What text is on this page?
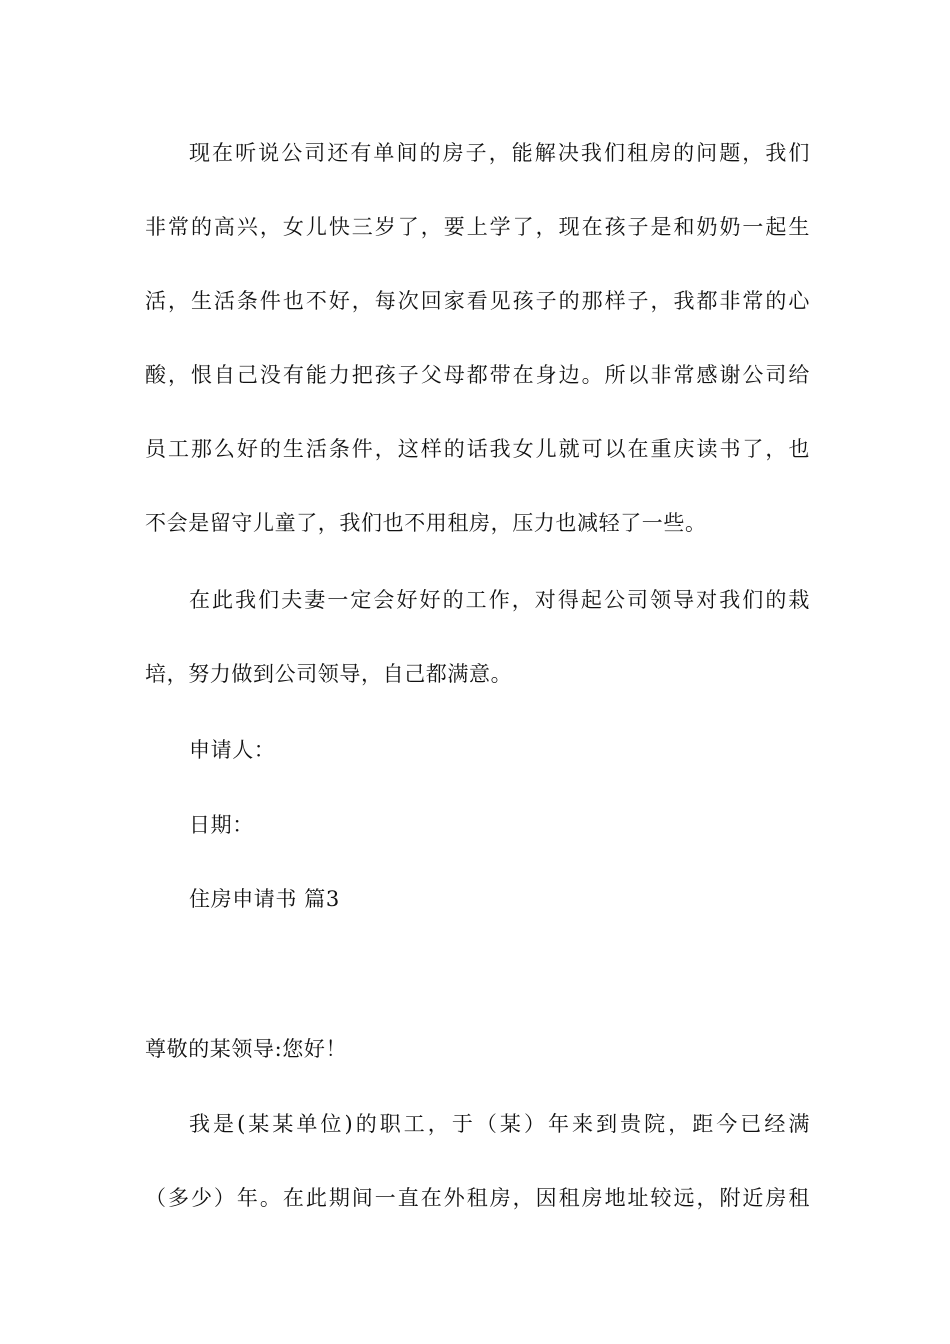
现在听说公司还有单间的房子，能解决我们租房的问题，我们
非常的高兴，女儿快三岁了，要上学了，现在孩子是和奶奶一起生
活，生活条件也不好，每次回家看见孩子的那样子，我都非常的心
酸，恨自己没有能力把孩子父母都带在身边。所以非常感谢公司给
员工那么好的生活条件，这样的话我女儿就可以在重庆读书了，也
不会是留守儿童了，我们也不用租房，压力也减轻了一些。
在此我们夫妻一定会好好的工作，对得起公司领导对我们的栽
培，努力做到公司领导，自己都满意。
申请人：
日期：
住房申请书 篇3
尊敬的某领导:您好！
我是(某某单位)的职工，于（某）年来到贵院，距今已经满
（多少）年。在此期间一直在外租房，因租房地址较远，附近房租
